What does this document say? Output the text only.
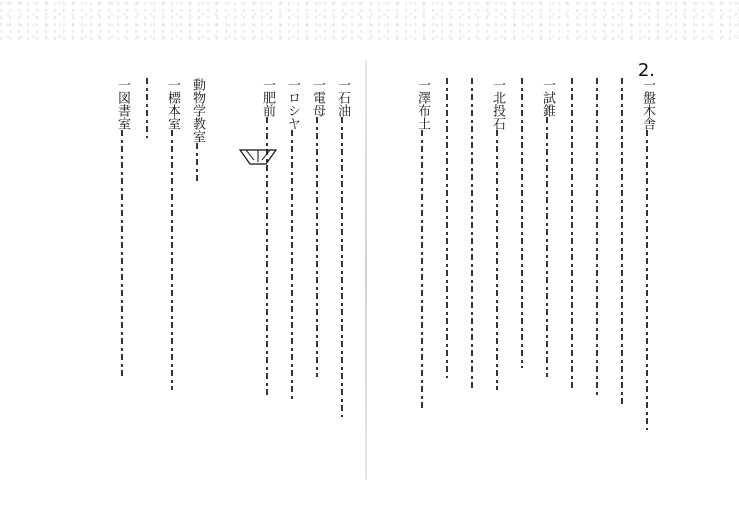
2.
一盤木舎
一試錐
一北投石
一澤布土
一石油
一電母
一ロシヤ
一肥前
動物学教室
一標本室
一図書室
